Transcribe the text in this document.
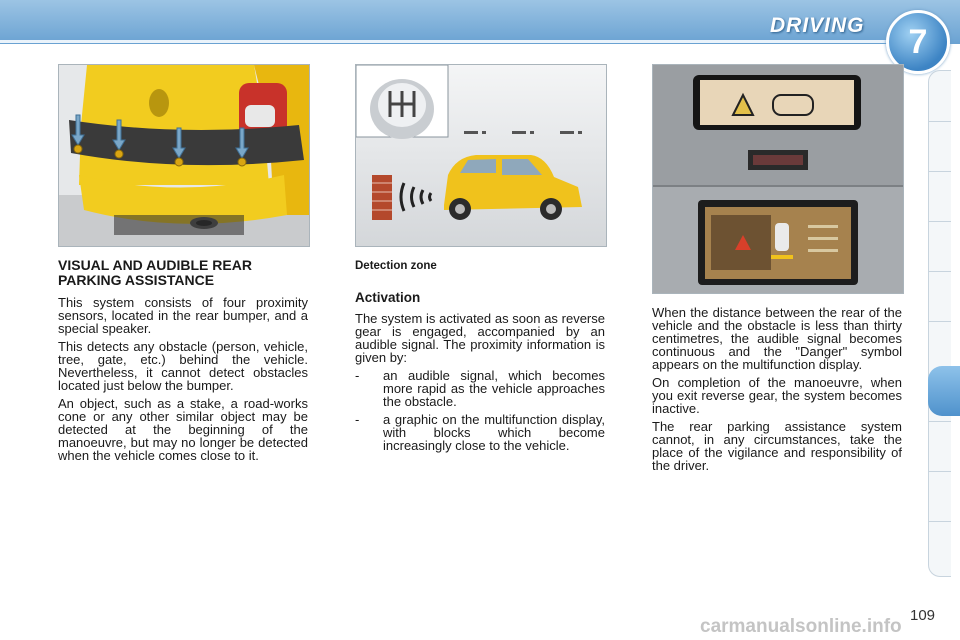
DRIVING	7
VISUAL AND AUDIBLE REAR PARKING ASSISTANCE

This system consists of four proximity sensors, located in the rear bumper, and a special speaker.

This detects any obstacle (person, vehicle, tree, gate, etc.) behind the vehicle. Nevertheless, it cannot detect obstacles located just below the bumper.

An object, such as a stake, a road-works cone or any other similar object may be detected at the beginning of the manoeuvre, but may no longer be detected when the vehicle comes close to it.

Detection zone
Activation

The system is activated as soon as reverse gear is engaged, accompanied by an audible signal. The proximity information is given by:

-	an audible signal, which becomes more rapid as the vehicle approaches the obstacle.
-	a graphic on the multifunction display, with blocks which become increasingly close to the vehicle.

When the distance between the rear of the vehicle and the obstacle is less than thirty centimetres, the audible signal becomes continuous and the "Danger" symbol appears on the multifunction display.

On completion of the manoeuvre, when you exit reverse gear, the system becomes inactive.

The rear parking assistance system cannot, in any circumstances, take the place of the vigilance and responsibility of the driver.

carmanualsonline.info
109
